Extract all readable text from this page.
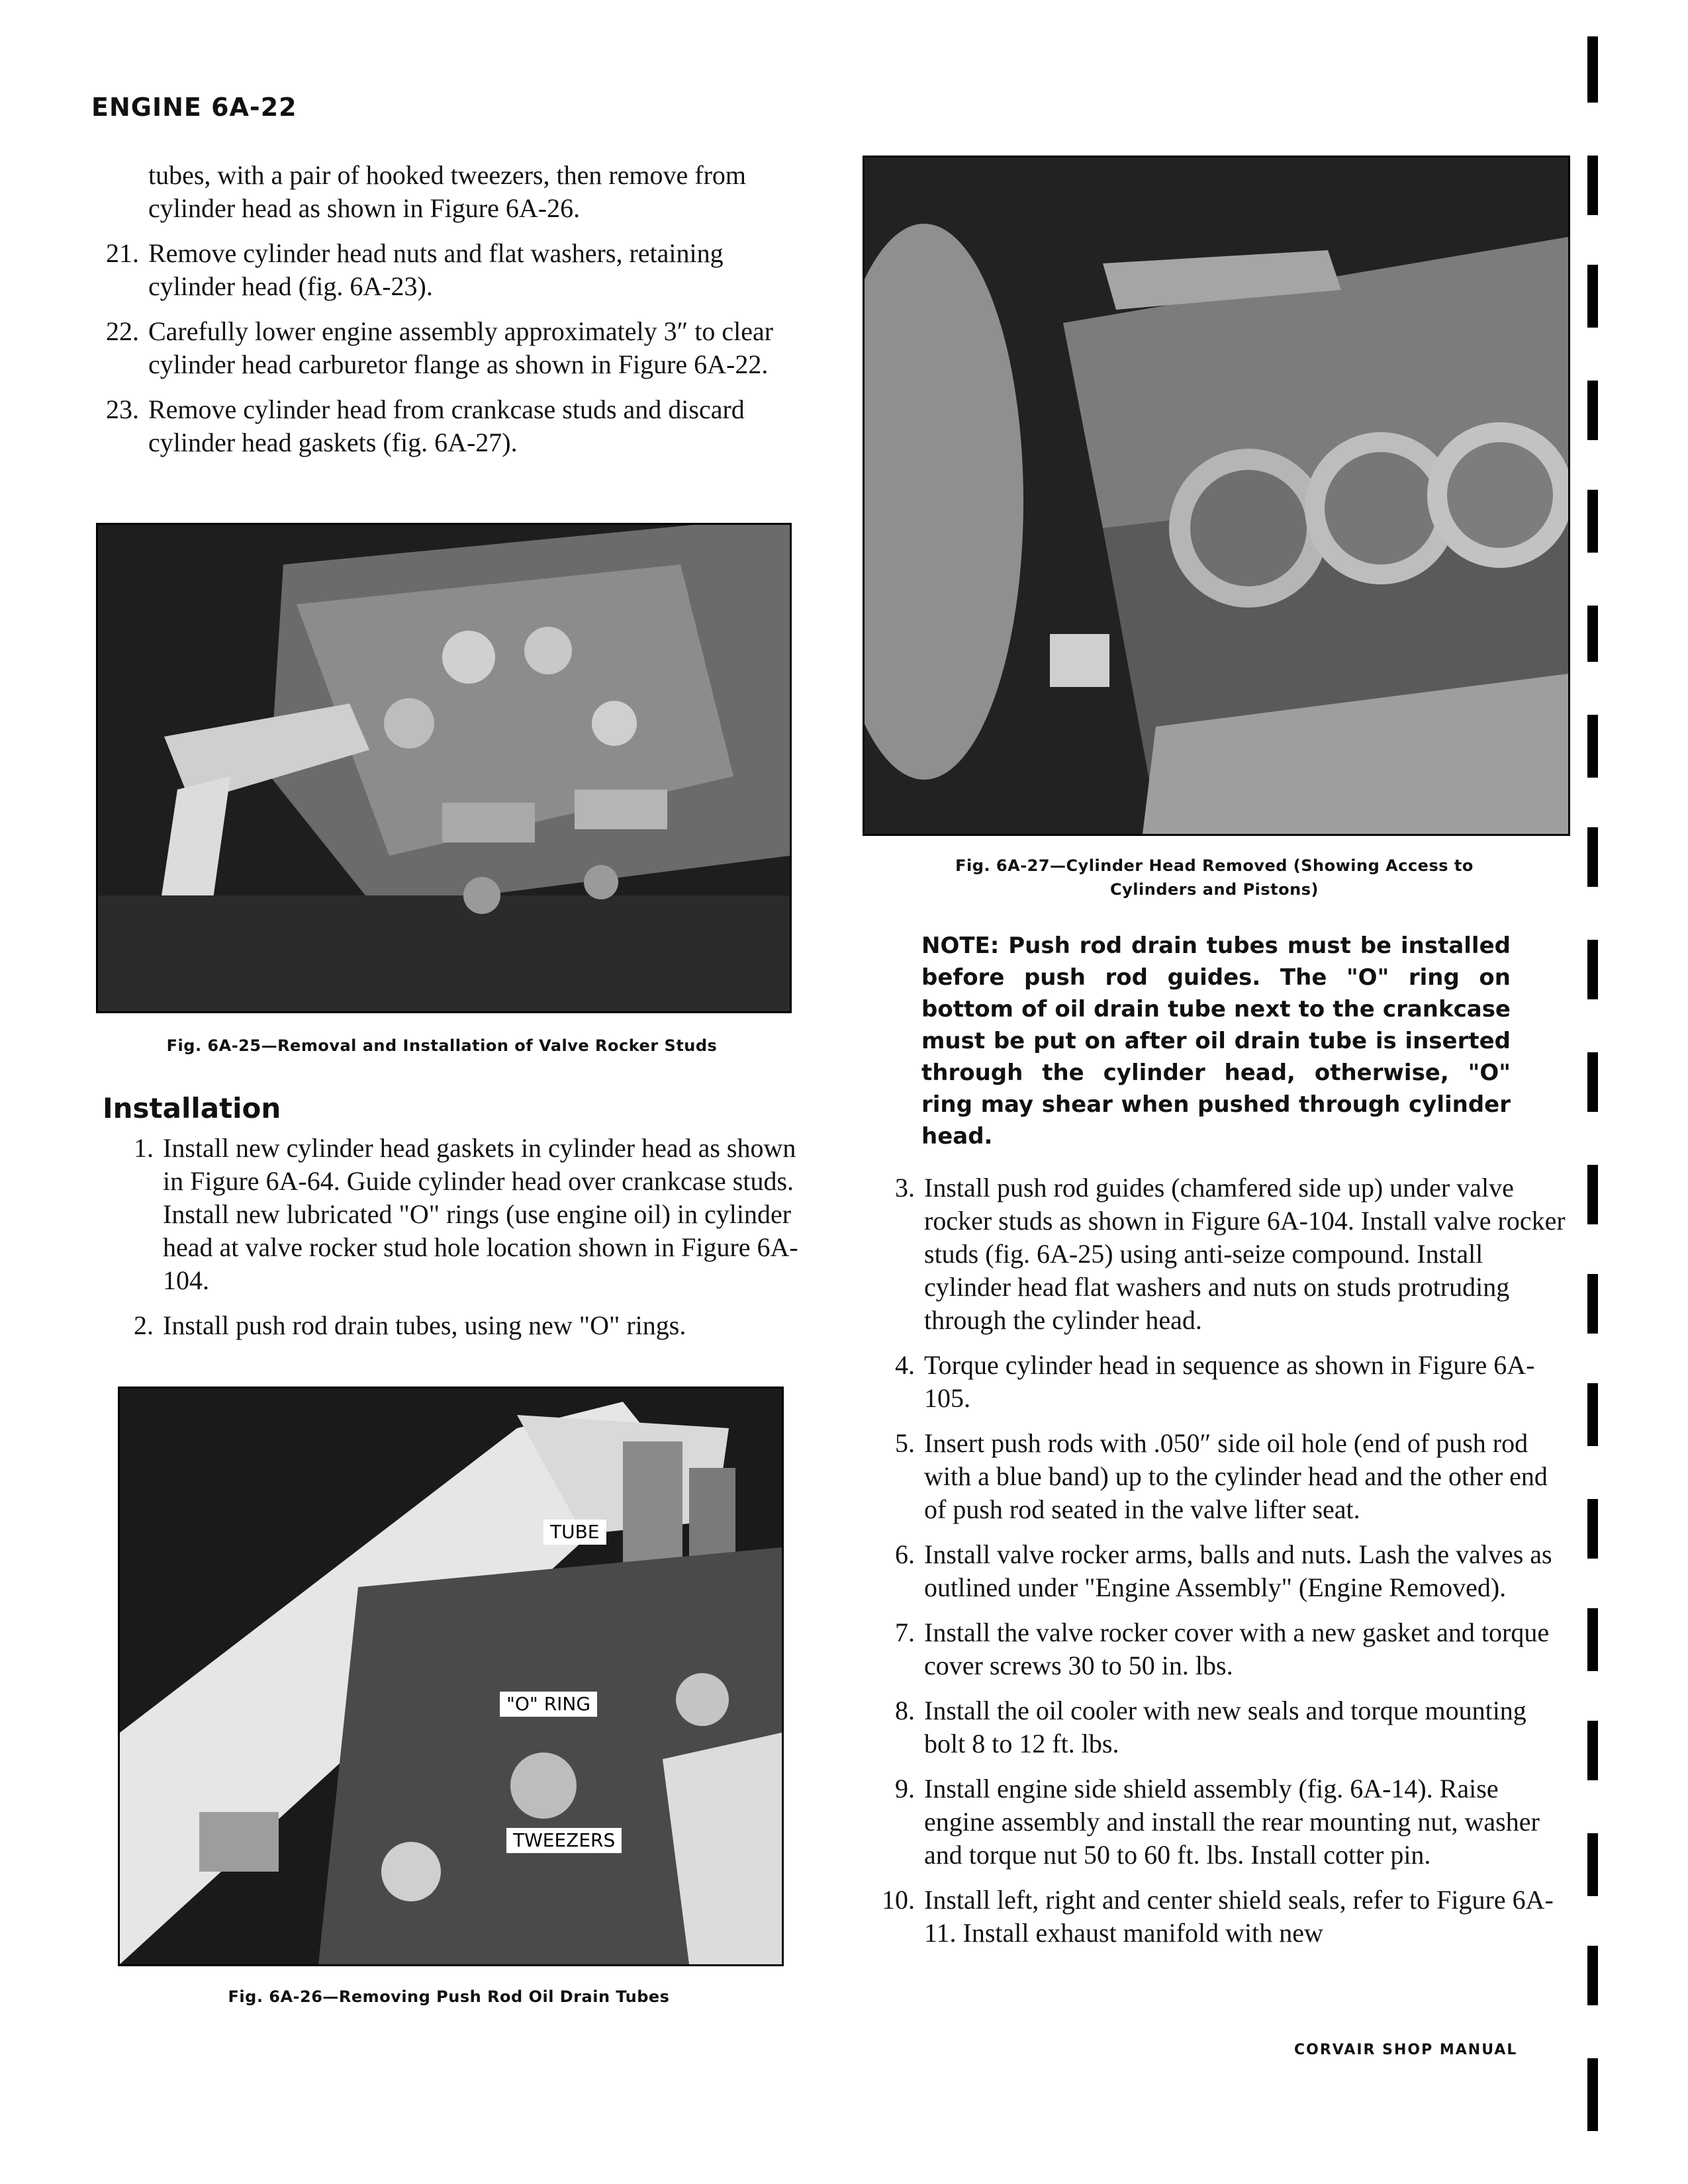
ENGINE 6A-22

tubes, with a pair of hooked tweezers, then remove from cylinder head as shown in Figure 6A-26.

21. Remove cylinder head nuts and flat washers, retaining cylinder head (fig. 6A-23).
22. Carefully lower engine assembly approximately 3″ to clear cylinder head carburetor flange as shown in Figure 6A-22.
23. Remove cylinder head from crankcase studs and discard cylinder head gaskets (fig. 6A-27).
Fig. 6A-25—Removal and Installation of Valve Rocker Studs
Installation
1. Install new cylinder head gaskets in cylinder head as shown in Figure 6A-64. Guide cylinder head over crankcase studs. Install new lubricated "O" rings (use engine oil) in cylinder head at valve rocker stud hole location shown in Figure 6A-104.
2. Install push rod drain tubes, using new "O" rings.
TUBE
"O" RING
TWEEZERS
Fig. 6A-26—Removing Push Rod Oil Drain Tubes
Fig. 6A-27—Cylinder Head Removed (Showing Access to
Cylinders and Pistons)
NOTE: Push rod drain tubes must be installed before push rod guides. The "O" ring on bottom of oil drain tube next to the crankcase must be put on after oil drain tube is inserted through the cylinder head, otherwise, "O" ring may shear when pushed through cylinder head.
3. Install push rod guides (chamfered side up) under valve rocker studs as shown in Figure 6A-104. Install valve rocker studs (fig. 6A-25) using anti-seize compound. Install cylinder head flat washers and nuts on studs protruding through the cylinder head.
4. Torque cylinder head in sequence as shown in Figure 6A-105.
5. Insert push rods with .050″ side oil hole (end of push rod with a blue band) up to the cylinder head and the other end of push rod seated in the valve lifter seat.
6. Install valve rocker arms, balls and nuts. Lash the valves as outlined under "Engine Assembly" (Engine Removed).
7. Install the valve rocker cover with a new gasket and torque cover screws 30 to 50 in. lbs.
8. Install the oil cooler with new seals and torque mounting bolt 8 to 12 ft. lbs.
9. Install engine side shield assembly (fig. 6A-14). Raise engine assembly and install the rear mounting nut, washer and torque nut 50 to 60 ft. lbs. Install cotter pin.
10. Install left, right and center shield seals, refer to Figure 6A-11. Install exhaust manifold with new
CORVAIR SHOP MANUAL
